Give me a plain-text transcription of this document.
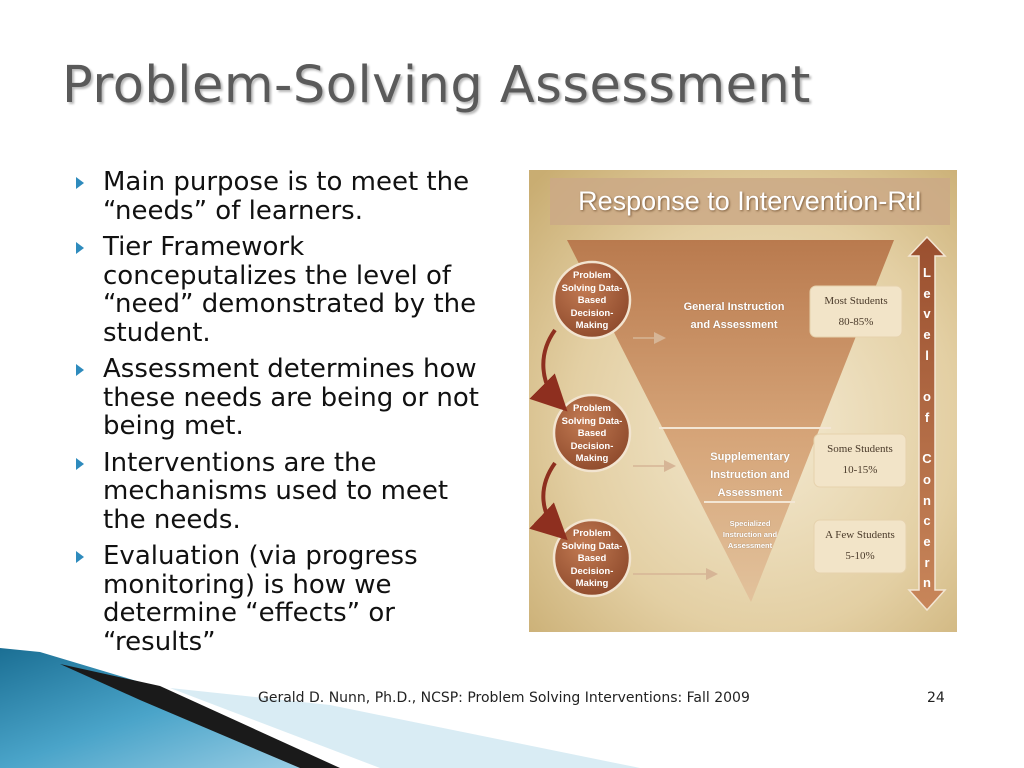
Problem-Solving Assessment
Main purpose is to meet the “needs” of learners.
Tier Framework conceputalizes the level of “need” demonstrated by the student.
Assessment determines how these needs are being or not being met.
Interventions are the mechanisms used to meet the needs.
Evaluation (via progress monitoring) is how we determine “effects” or “results”
Response to Intervention-RtI
Problem Solving Data-Based Decision-Making
Problem Solving Data-Based Decision-Making
Problem Solving Data-Based Decision-Making
General Instruction and Assessment
Supplementary Instruction and Assessment
Specialized Instruction and Assessment
Most Students
80-85%
Some Students
10-15%
A Few Students
5-10%
L
e
v
e
l

o
f

C
o
n
c
e
r
n
Gerald D. Nunn, Ph.D., NCSP: Problem Solving Interventions: Fall 2009	24
